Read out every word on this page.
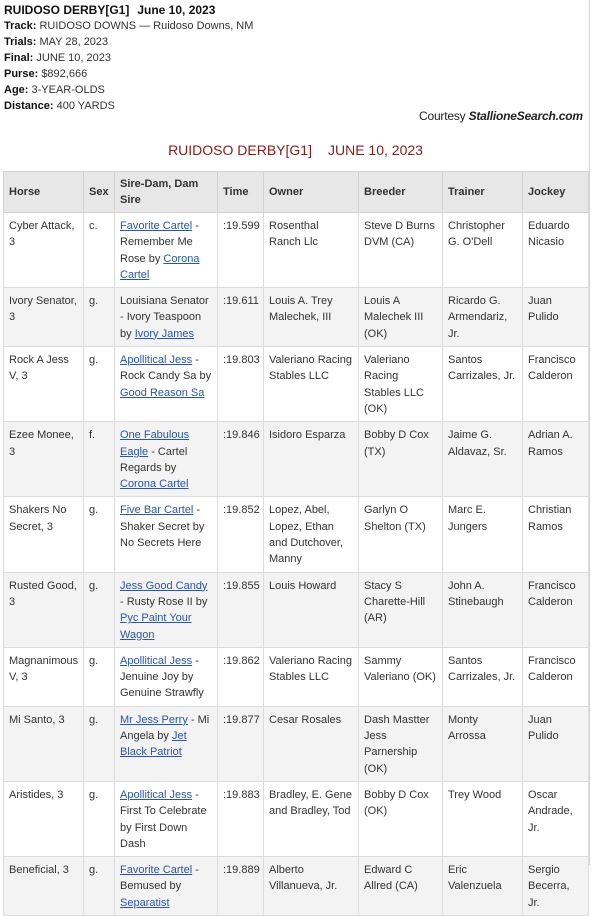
RUIDOSO DERBY[G1] June 10, 2023
Track: RUIDOSO DOWNS — Ruidoso Downs, NM
Trials: MAY 28, 2023
Final: JUNE 10, 2023
Purse: $892,666
Age: 3-YEAR-OLDS
Distance: 400 YARDS
Courtesy StallioneSearch.com
RUIDOSO DERBY[G1] JUNE 10, 2023
Horse	Sex	Sire-Dam, Dam Sire	Time	Owner	Breeder	Trainer	Jockey
Cyber Attack, 3	c.	Favorite Cartel - Remember Me Rose by Corona Cartel	:19.599	Rosenthal Ranch Llc	Steve D Burns DVM (CA)	Christopher G. O'Dell	Eduardo Nicasio
Ivory Senator, 3	g.	Louisiana Senator - Ivory Teaspoon by Ivory James	:19.611	Louis A. Trey Malechek, III	Louis A Malechek III (OK)	Ricardo G. Armendariz, Jr.	Juan Pulido
Rock A Jess V, 3	g.	Apollitical Jess - Rock Candy Sa by Good Reason Sa	:19.803	Valeriano Racing Stables LLC	Valeriano Racing Stables LLC (OK)	Santos Carrizales, Jr.	Francisco Calderon
Ezee Monee, 3	f.	One Fabulous Eagle - Cartel Regards by Corona Cartel	:19.846	Isidoro Esparza	Bobby D Cox (TX)	Jaime G. Aldavaz, Sr.	Adrian A. Ramos
Shakers No Secret, 3	g.	Five Bar Cartel - Shaker Secret by No Secrets Here	:19.852	Lopez, Abel, Lopez, Ethan and Dutchover, Manny	Garlyn O Shelton (TX)	Marc E. Jungers	Christian Ramos
Rusted Good, 3	g.	Jess Good Candy - Rusty Rose II by Pyc Paint Your Wagon	:19.855	Louis Howard	Stacy S Charette-Hill (AR)	John A. Stinebaugh	Francisco Calderon
Magnanimous V, 3	g.	Apollitical Jess - Jenuine Joy by Genuine Strawfly	:19.862	Valeriano Racing Stables LLC	Sammy Valeriano (OK)	Santos Carrizales, Jr.	Francisco Calderon
Mi Santo, 3	g.	Mr Jess Perry - Mi Angela by Jet Black Patriot	:19.877	Cesar Rosales	Dash Mastter Jess Parnership (OK)	Monty Arrossa	Juan Pulido
Aristides, 3	g.	Apollitical Jess - First To Celebrate by First Down Dash	:19.883	Bradley, E. Gene and Bradley, Tod	Bobby D Cox (OK)	Trey Wood	Oscar Andrade, Jr.
Beneficial, 3	g.	Favorite Cartel - Bemused by Separatist	:19.889	Alberto Villanueva, Jr.	Edward C Allred (CA)	Eric Valenzuela	Sergio Becerra, Jr.
